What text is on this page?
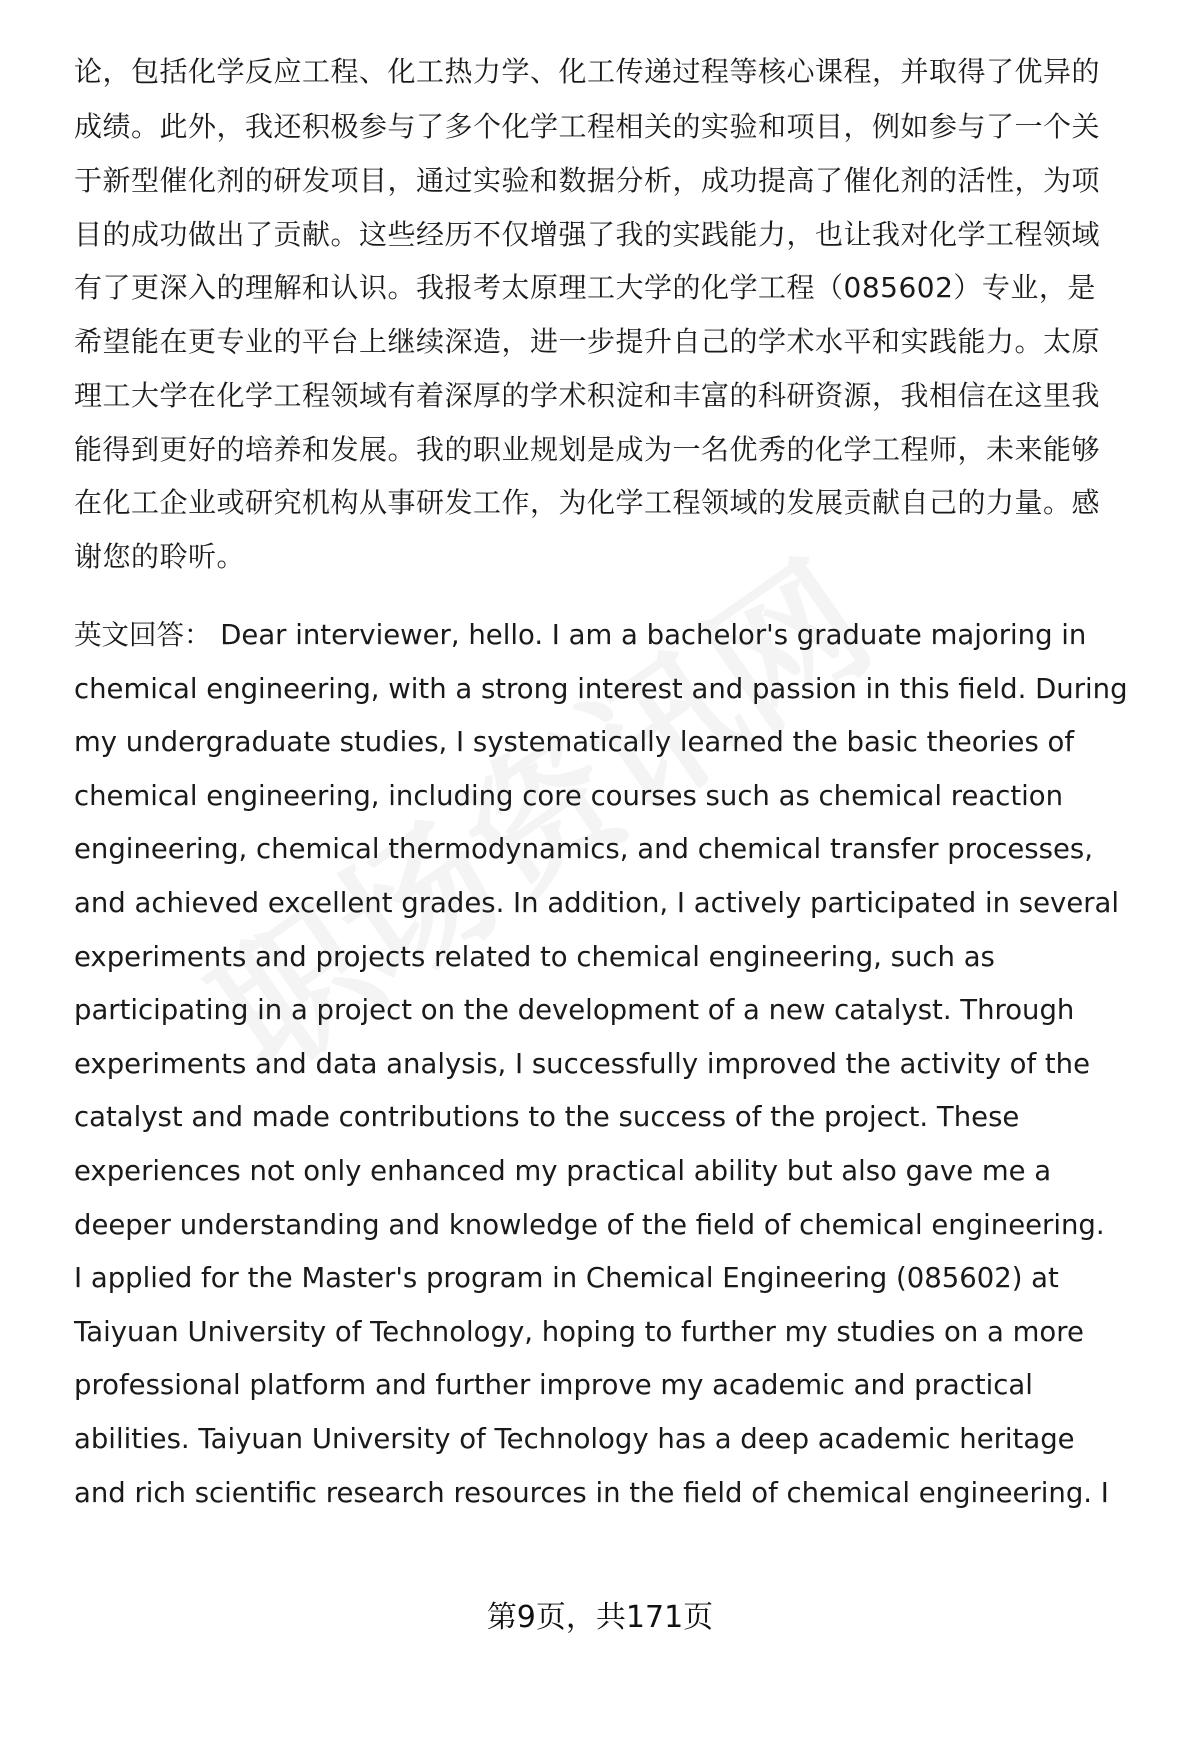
论，包括化学反应工程、化工热力学、化工传递过程等核心课程，并取得了优异的
成绩。此外，我还积极参与了多个化学工程相关的实验和项目，例如参与了一个关
于新型催化剂的研发项目，通过实验和数据分析，成功提高了催化剂的活性，为项
目的成功做出了贡献。这些经历不仅增强了我的实践能力，也让我对化学工程领域
有了更深入的理解和认识。我报考太原理工大学的化学工程（085602）专业，是
希望能在更专业的平台上继续深造，进一步提升自己的学术水平和实践能力。太原
理工大学在化学工程领域有着深厚的学术积淀和丰富的科研资源，我相信在这里我
能得到更好的培养和发展。我的职业规划是成为一名优秀的化学工程师，未来能够
在化工企业或研究机构从事研发工作，为化学工程领域的发展贡献自己的力量。感
谢您的聆听。
英文回答： Dear interviewer, hello. I am a bachelor's graduate majoring in
chemical engineering, with a strong interest and passion in this field. During
my undergraduate studies, I systematically learned the basic theories of
chemical engineering, including core courses such as chemical reaction
engineering, chemical thermodynamics, and chemical transfer processes,
and achieved excellent grades. In addition, I actively participated in several
experiments and projects related to chemical engineering, such as
participating in a project on the development of a new catalyst. Through
experiments and data analysis, I successfully improved the activity of the
catalyst and made contributions to the success of the project. These
experiences not only enhanced my practical ability but also gave me a
deeper understanding and knowledge of the field of chemical engineering.
I applied for the Master's program in Chemical Engineering (085602) at
Taiyuan University of Technology, hoping to further my studies on a more
professional platform and further improve my academic and practical
abilities. Taiyuan University of Technology has a deep academic heritage
and rich scientific research resources in the field of chemical engineering. I
第9页，共171页
